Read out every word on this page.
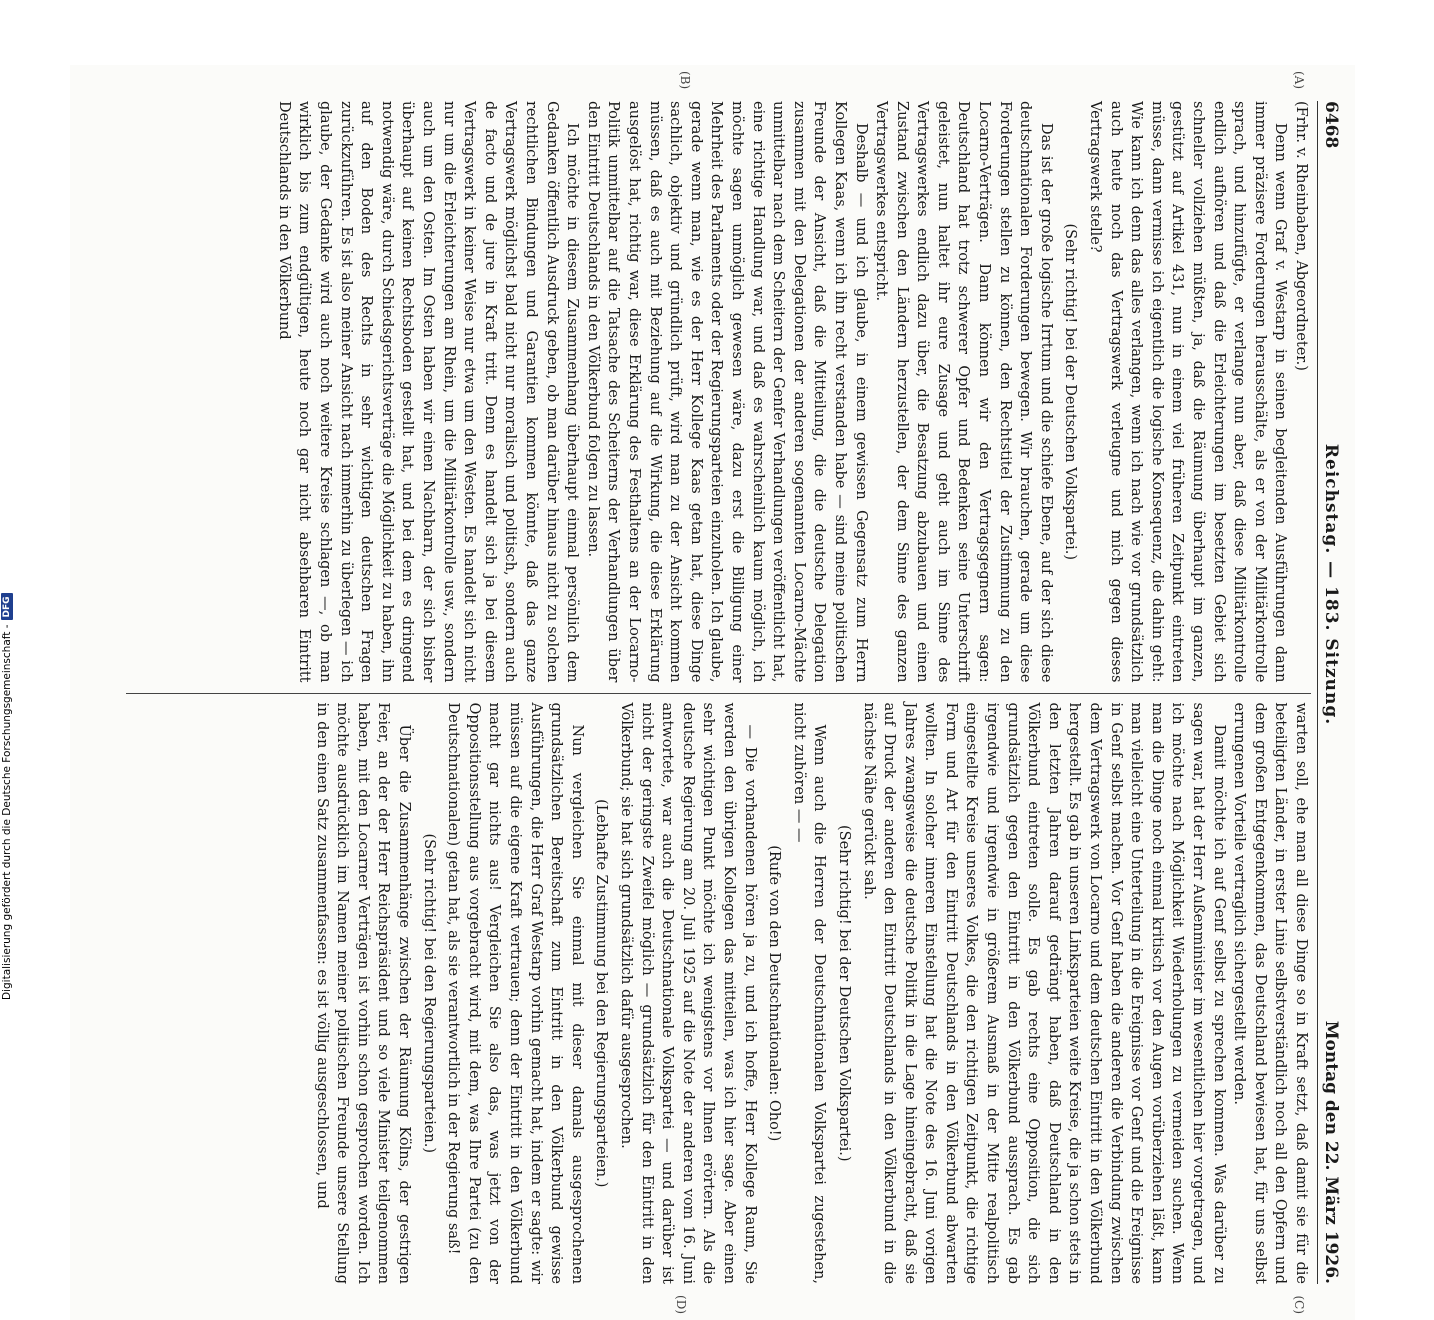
6468
Reichstag. — 183. Sitzung.
Montag den 22. März 1926.
(A)
(B)

(Frhr. v. Rheinbaben, Abgeordneter.)

Denn wenn Graf v. Westarp in seinen begleitenden Ausführungen dann immer präzisere Forderungen herausschälte, als er von der Militärkontrolle sprach, und hinzufügte, er verlange nun aber, daß diese Militärkontrolle endlich aufhören und daß die Erleichterungen im besetzten Gebiet sich schneller vollziehen müßten, ja, daß die Räumung überhaupt im ganzen, gestützt auf Artikel 431, nun in einem viel früheren Zeitpunkt eintreten müsse, dann vermisse ich eigentlich die logische Konsequenz, die dahin geht: Wie kann ich denn das alles verlangen, wenn ich nach wie vor grundsätzlich auch heute noch das Vertragswerk verleugne und mich gegen dieses Vertragswerk stelle?

(Sehr richtig! bei der Deutschen Volkspartei.)

Das ist der große logische Irrtum und die schiefe Ebene, auf der sich diese deutschnationalen Forderungen bewegen. Wir brauchen, gerade um diese Forderungen stellen zu können, den Rechtstitel der Zustimmung zu den Locarno-Verträgen. Dann können wir den Vertragsgegnern sagen: Deutschland hat trotz schwerer Opfer und Bedenken seine Unterschrift geleistet, nun haltet ihr eure Zusage und geht auch im Sinne des Vertragswerkes endlich dazu über, die Besatzung abzubauen und einen Zustand zwischen den Ländern herzustellen, der dem Sinne des ganzen Vertragswerkes entspricht.

Deshalb — und ich glaube, in einem gewissen Gegensatz zum Herrn Kollegen Kaas, wenn ich ihn recht verstanden habe — sind meine politischen Freunde der Ansicht, daß die Mitteilung, die die deutsche Delegation zusammen mit den Delegationen der anderen sogenannten Locarno-Mächte unmittelbar nach dem Scheitern der Genfer Verhandlungen veröffentlicht hat, eine richtige Handlung war, und daß es wahrscheinlich kaum möglich, ich möchte sagen unmöglich gewesen wäre, dazu erst die Billigung einer Mehrheit des Parlaments oder der Regierungsparteien einzuholen. Ich glaube, gerade wenn man, wie es der Herr Kollege Kaas getan hat, diese Dinge sachlich, objektiv und gründlich prüft, wird man zu der Ansicht kommen müssen, daß es auch mit Beziehung auf die Wirkung, die diese Erklärung ausgelöst hat, richtig war, diese Erklärung des Festhaltens an der Locarno-Politik unmittelbar auf die Tatsache des Scheiterns der Verhandlungen über den Eintritt Deutschlands in den Völkerbund folgen zu lassen.

Ich möchte in diesem Zusammenhang überhaupt einmal persönlich dem Gedanken öffentlich Ausdruck geben, ob man darüber hinaus nicht zu solchen rechtlichen Bindungen und Garantien kommen könnte, daß das ganze Vertragswerk möglichst bald nicht nur moralisch und politisch, sondern auch de facto und de jure in Kraft tritt. Denn es handelt sich ja bei diesem Vertragswerk in keiner Weise nur etwa um den Westen. Es handelt sich nicht nur um die Erleichterungen am Rhein, um die Militärkontrolle usw., sondern auch um den Osten. Im Osten haben wir einen Nachbarn, der sich bisher überhaupt auf keinen Rechtsboden gestellt hat, und bei dem es dringend notwendig wäre, durch Schiedsgerichtsverträge die Möglichkeit zu haben, ihn auf den Boden des Rechts in sehr wichtigen deutschen Fragen zurückzuführen. Es ist also meiner Ansicht nach immerhin zu überlegen — ich glaube, der Gedanke wird auch noch weitere Kreise schlagen —, ob man wirklich bis zum endgültigen, heute noch gar nicht absehbaren Eintritt Deutschlands in den Völkerbund

(C)
(D)

warten soll, ehe man all diese Dinge so in Kraft setzt, daß damit sie für die beteiligten Länder, in erster Linie selbstverständlich noch all den Opfern und dem großen Entgegenkommen, das Deutschland bewiesen hat, für uns selbst errungenen Vorteile vertraglich sichergestellt werden.

Damit möchte ich auf Genf selbst zu sprechen kommen. Was darüber zu sagen war, hat der Herr Außenminister im wesentlichen hier vorgetragen, und ich möchte nach Möglichkeit Wiederholungen zu vermeiden suchen. Wenn man die Dinge noch einmal kritisch vor den Augen vorüberziehen läßt, kann man vielleicht eine Unterteilung in die Ereignisse vor Genf und die Ereignisse in Genf selbst machen. Vor Genf haben die anderen die Verbindung zwischen dem Vertragswerk von Locarno und dem deutschen Eintritt in den Völkerbund hergestellt. Es gab in unseren Linksparteien weite Kreise, die ja schon stets in den letzten Jahren darauf gedrängt haben, daß Deutschland in den Völkerbund eintreten solle. Es gab rechts eine Opposition, die sich grundsätzlich gegen den Eintritt in den Völkerbund aussprach. Es gab irgendwie und irgendwie in größerem Ausmaß in der Mitte realpolitisch eingestellte Kreise unseres Volkes, die den richtigen Zeitpunkt, die richtige Form und Art für den Eintritt Deutschlands in den Völkerbund abwarten wollten. In solcher inneren Einstellung hat die Note des 16. Juni vorigen Jahres zwangsweise die deutsche Politik in die Lage hineingebracht, daß sie auf Druck der anderen den Eintritt Deutschlands in den Völkerbund in die nächste Nähe gerückt sah.

(Sehr richtig! bei der Deutschen Volkspartei.)

Wenn auch die Herren der Deutschnationalen Volkspartei zugestehen, nicht zuhören — —

(Rufe von den Deutschnationalen: Oho!)

— Die vorhandenen hören ja zu, und ich hoffe, Herr Kollege Raum, Sie werden den übrigen Kollegen das mitteilen, was ich hier sage. Aber einen sehr wichtigen Punkt möchte ich wenigstens vor Ihnen erörtern. Als die deutsche Regierung am 20. Juli 1925 auf die Note der anderen vom 16. Juni antwortete, war auch die Deutschnationale Volkspartei — und darüber ist nicht der geringste Zweifel möglich — grundsätzlich für den Eintritt in den Völkerbund; sie hat sich grundsätzlich dafür ausgesprochen.

(Lebhafte Zustimmung bei den Regierungsparteien.)

Nun vergleichen Sie einmal mit dieser damals ausgesprochenen grundsätzlichen Bereitschaft zum Eintritt in den Völkerbund gewisse Ausführungen, die Herr Graf Westarp vorhin gemacht hat, indem er sagte: wir müssen auf die eigene Kraft vertrauen; denn der Eintritt in den Völkerbund macht gar nichts aus! Vergleichen Sie also das, was jetzt von der Oppositionsstellung aus vorgebracht wird, mit dem, was Ihre Partei (zu den Deutschnationalen) getan hat, als sie verantwortlich in der Regierung saß!

(Sehr richtig! bei den Regierungsparteien.)

Über die Zusammenhänge zwischen der Räumung Kölns, der gestrigen Feier, an der der Herr Reichspräsident und so viele Minister teilgenommen haben, mit den Locarner Verträgen ist vorhin schon gesprochen worden. Ich möchte ausdrücklich im Namen meiner politischen Freunde unsere Stellung in den einen Satz zusammenfassen: es ist völlig ausgeschlossen, und

Digitalisierung gefördert durch die Deutsche Forschungsgemeinschaft -
DFG
